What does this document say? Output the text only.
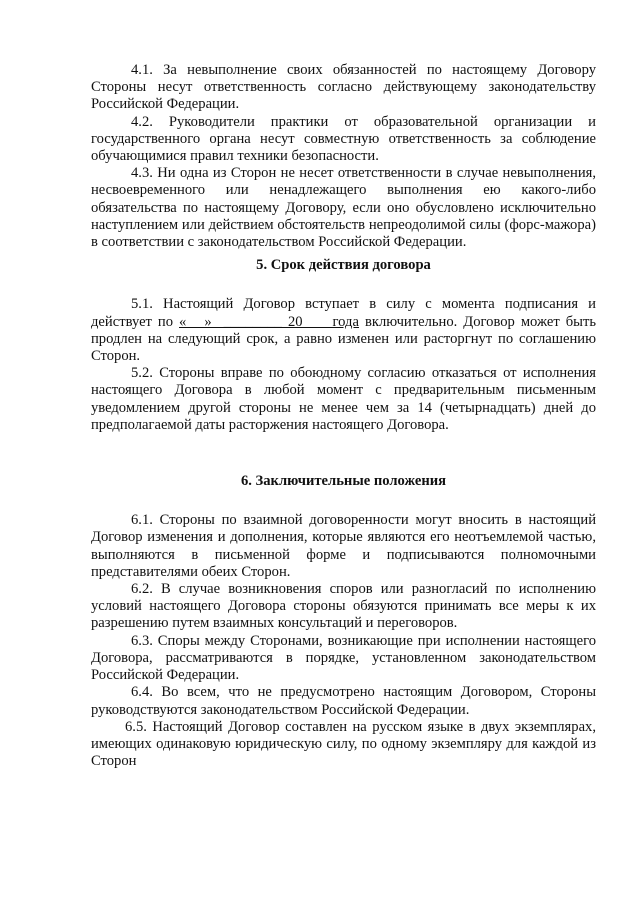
4.1. За невыполнение своих обязанностей по настоящему Договору Стороны несут ответственность согласно действующему законодательству Российской Федерации.

4.2. Руководители практики от образовательной организации и государственного органа несут совместную ответственность за соблюдение обучающимися правил техники безопасности.

4.3. Ни одна из Сторон не несет ответственности в случае невыполнения, несвоевременного или ненадлежащего выполнения ею какого-либо обязательства по настоящему Договору, если оно обусловлено исключительно наступлением или действием обстоятельств непреодолимой силы (форс-мажора) в соответствии с законодательством Российской Федерации.

5. Срок действия договора

5.1. Настоящий Договор вступает в силу с момента подписания и действует по «   »  ________ 20     года включительно. Договор может быть продлен на следующий срок, а равно изменен или расторгнут по соглашению Сторон.

5.2. Стороны вправе по обоюдному согласию отказаться от исполнения настоящего Договора в любой момент с предварительным письменным уведомлением другой стороны не менее чем за 14 (четырнадцать) дней до предполагаемой даты расторжения настоящего Договора.

6. Заключительные положения

6.1. Стороны по взаимной договоренности могут вносить в настоящий Договор изменения и дополнения, которые являются его неотъемлемой частью, выполняются в письменной форме и подписываются полномочными представителями обеих Сторон.

6.2. В случае возникновения споров или разногласий по исполнению условий настоящего Договора стороны обязуются принимать все меры к их разрешению путем взаимных консультаций и переговоров.

6.3. Споры между Сторонами, возникающие при исполнении настоящего Договора, рассматриваются в порядке, установленном законодательством Российской Федерации.

6.4. Во всем, что не предусмотрено настоящим Договором, Стороны руководствуются законодательством Российской Федерации.

6.5. Настоящий Договор составлен на русском языке в двух экземплярах, имеющих одинаковую юридическую силу, по одному экземпляру для каждой из Сторон
